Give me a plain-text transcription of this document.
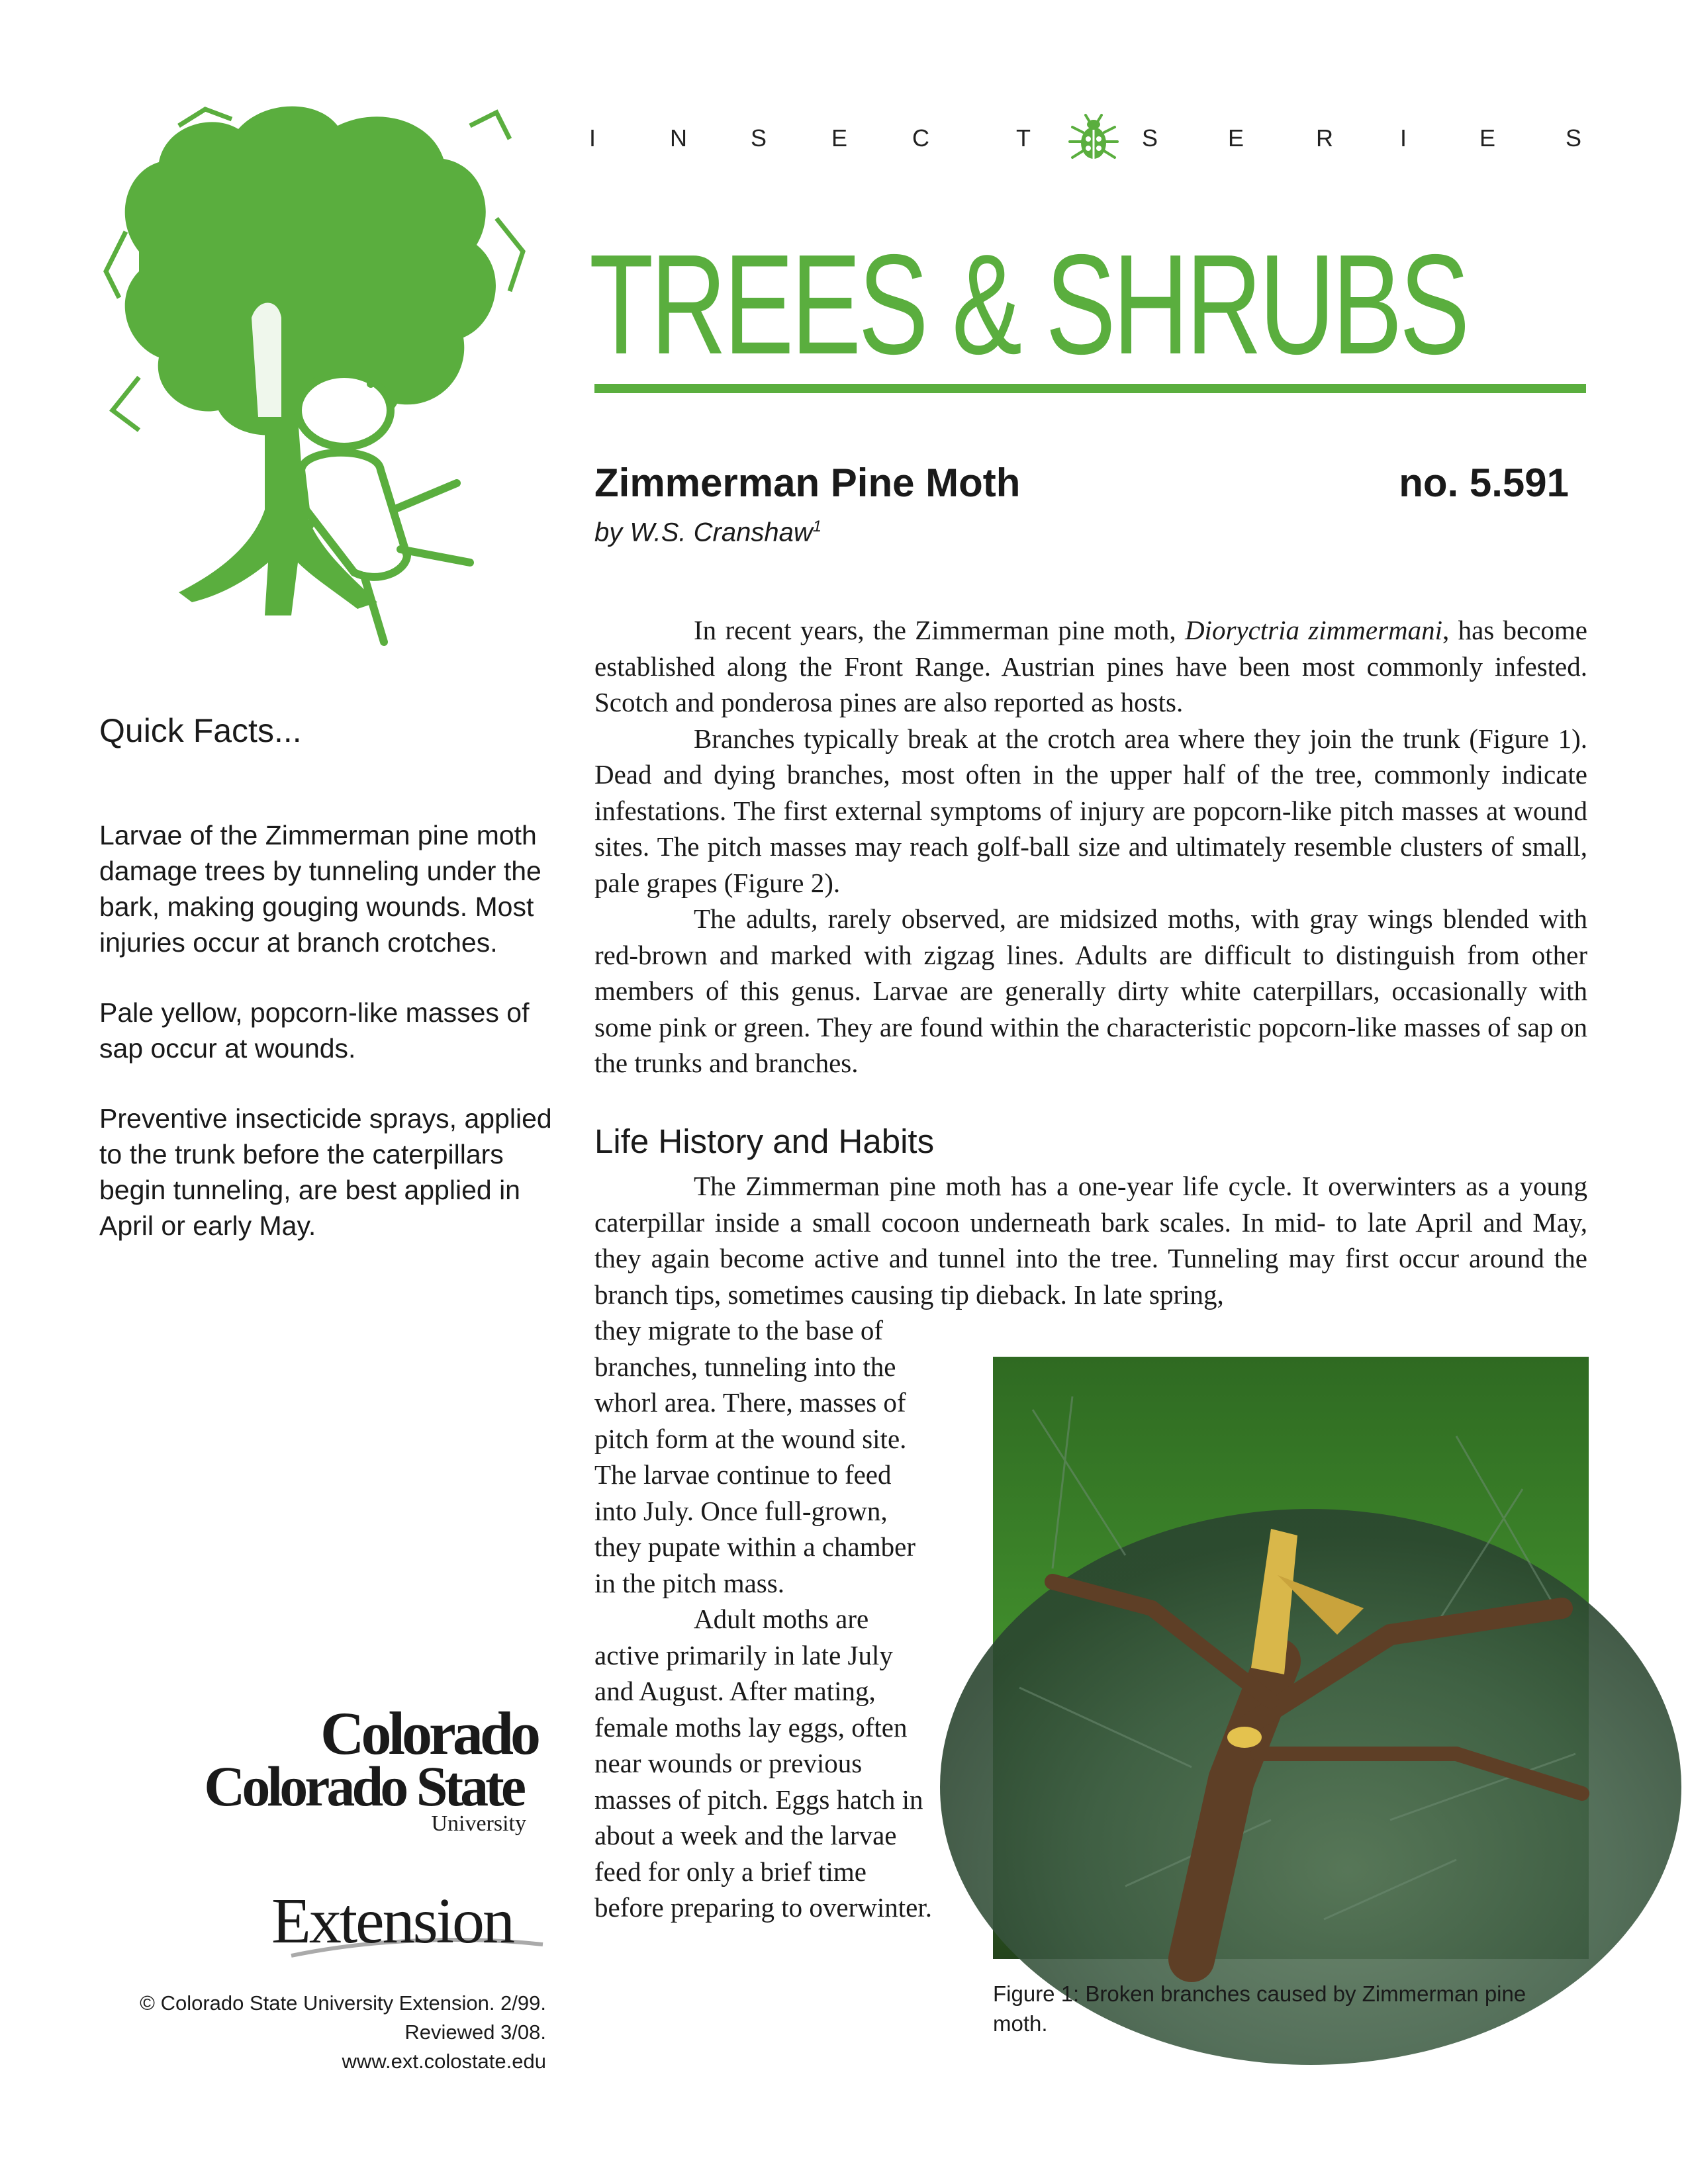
I	N	S	E	C	T	S	E	R	I	E	S
TREES & SHRUBS
Zimmerman Pine Moth	no. 5.591
by W.S. Cranshaw$^1$
Quick Facts...

Larvae of the Zimmerman pine moth damage trees by tunneling under the bark, making gouging wounds. Most injuries occur at branch crotches.

Pale yellow, popcorn-like masses of sap occur at wounds.

Preventive insecticide sprays, applied to the trunk before the caterpillars begin tunneling, are best applied in April or early May.

Colorado
Colorado State
University
Extension
© Colorado State University Extension. 2/99.
Reviewed 3/08.
www.ext.colostate.edu

In recent years, the Zimmerman pine moth, Dioryctria zimmermani, has become established along the Front Range. Austrian pines have been most commonly infested. Scotch and ponderosa pines are also reported as hosts.

Branches typically break at the crotch area where they join the trunk (Figure 1). Dead and dying branches, most often in the upper half of the tree, commonly indicate infestations. The first external symptoms of injury are popcorn-like pitch masses at wound sites. The pitch masses may reach golf-ball size and ultimately resemble clusters of small, pale grapes (Figure 2).

The adults, rarely observed, are midsized moths, with gray wings blended with red-brown and marked with zigzag lines. Adults are difficult to distinguish from other members of this genus. Larvae are generally dirty white caterpillars, occasionally with some pink or green. They are found within the characteristic popcorn-like masses of sap on the trunks and branches.

Life History and Habits

The Zimmerman pine moth has a one-year life cycle. It overwinters as a young caterpillar inside a small cocoon underneath bark scales. In mid- to late April and May, they again become active and tunnel into the tree. Tunneling may first occur around the branch tips, sometimes causing tip dieback. In late spring,

they migrate to the base of branches, tunneling into the whorl area. There, masses of pitch form at the wound site. The larvae continue to feed into July. Once full-grown, they pupate within a chamber in the pitch mass.

Adult moths are active primarily in late July and August. After mating, female moths lay eggs, often near wounds or previous masses of pitch. Eggs hatch in about a week and the larvae feed for only a brief time before preparing to overwinter.

Figure 1: Broken branches caused by Zimmerman pine moth.
